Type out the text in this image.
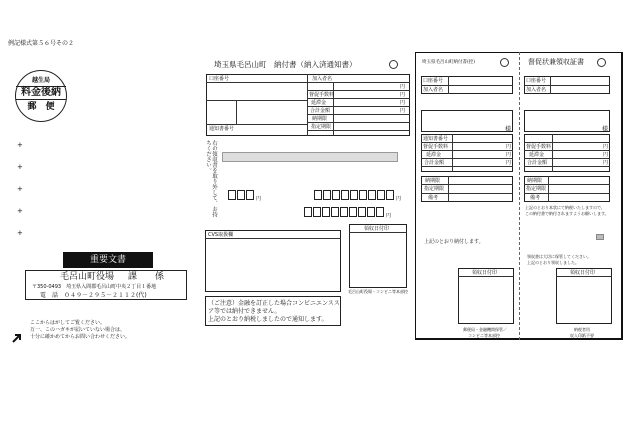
例記様式第５６号その２
越生局
料金後納
郵　便
+
+
+
+
+
重要文書
毛呂山町役場 課　　係
〒350-0493　埼玉県入間郡毛呂山町中央２丁目１番地
電　話　０４９－２９５－２１１２(代)
ここからはがしてご覧ください。
万一、このハガキが届いていない場合は、
十分に確かめてからお問い合わせください。
埼玉県毛呂山町　納付書（納入済通知書）
口座番号	加入者名
督促手数料
延滞金
合計金額
納期限
指定期限
通知書番号
円
円
円
円
右の領収書を取り外して、お持ちください。
円	円
円
CVS取扱欄
領収日付印
毛呂山町役場・コンビニ等本部控
（ご注意）金融を訂正した場合コンビニエンスス
ア等では納付できません。
上記のとおり納税しましたので通知します。
埼玉県毛呂山町納付書(控)
口座番号
加入者名
様
通知書番号
督促手数料
延滞金
合計金額
円
円
円
納期限
指定期限
備考
上記のとおり納付します。
領収日付印
郵便局・金融機関保管／
コンビニ等本部控
督促状兼領収証書
口座番号
加入者名
様
督促手数料
延滞金
合計金額
円
円
円
納期限
指定期限
備考
上記のとおり本状にて納税いたしますので、
この納付書で納付されますようお願いします。
領収書は大切に保管してください。
上記のとおり領収しました。
領収日付印
納税者用
収入印紙不要
